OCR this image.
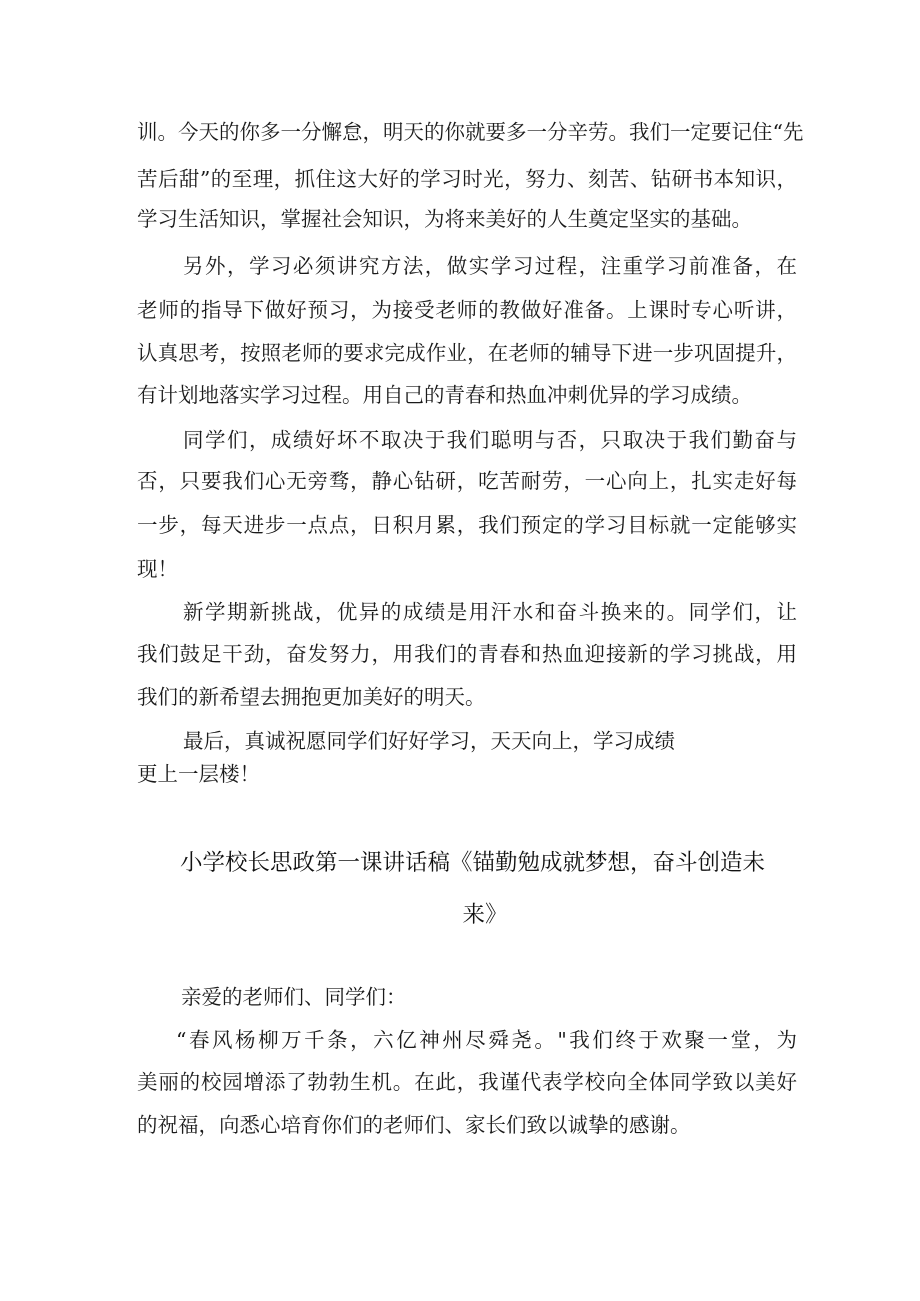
训。今天的你多一分懈怠，明天的你就要多一分辛劳。我们一定要记住“先
苦后甜”的至理，抓住这大好的学习时光，努力、刻苦、钻研书本知识，
学习生活知识，掌握社会知识，为将来美好的人生奠定坚实的基础。
另外，学习必须讲究方法，做实学习过程，注重学习前准备，在
老师的指导下做好预习，为接受老师的教做好准备。上课时专心听讲，
认真思考，按照老师的要求完成作业，在老师的辅导下进一步巩固提升，
有计划地落实学习过程。用自己的青春和热血冲刺优异的学习成绩。
同学们，成绩好坏不取决于我们聪明与否，只取决于我们勤奋与
否，只要我们心无旁骛，静心钻研，吃苦耐劳，一心向上，扎实走好每
一步，每天进步一点点，日积月累，我们预定的学习目标就一定能够实
现！
新学期新挑战，优异的成绩是用汗水和奋斗换来的。同学们，让
我们鼓足干劲，奋发努力，用我们的青春和热血迎接新的学习挑战，用
我们的新希望去拥抱更加美好的明天。
最后，真诚祝愿同学们好好学习，天天向上，学习成绩
更上一层楼！
小学校长思政第一课讲话稿《锚勤勉成就梦想，奋斗创造未
来》
亲爱的老师们、同学们：
“春风杨柳万千条，六亿神州尽舜尧。"我们终于欢聚一堂，为
美丽的校园增添了勃勃生机。在此，我谨代表学校向全体同学致以美好
的祝福，向悉心培育你们的老师们、家长们致以诚挚的感谢。
